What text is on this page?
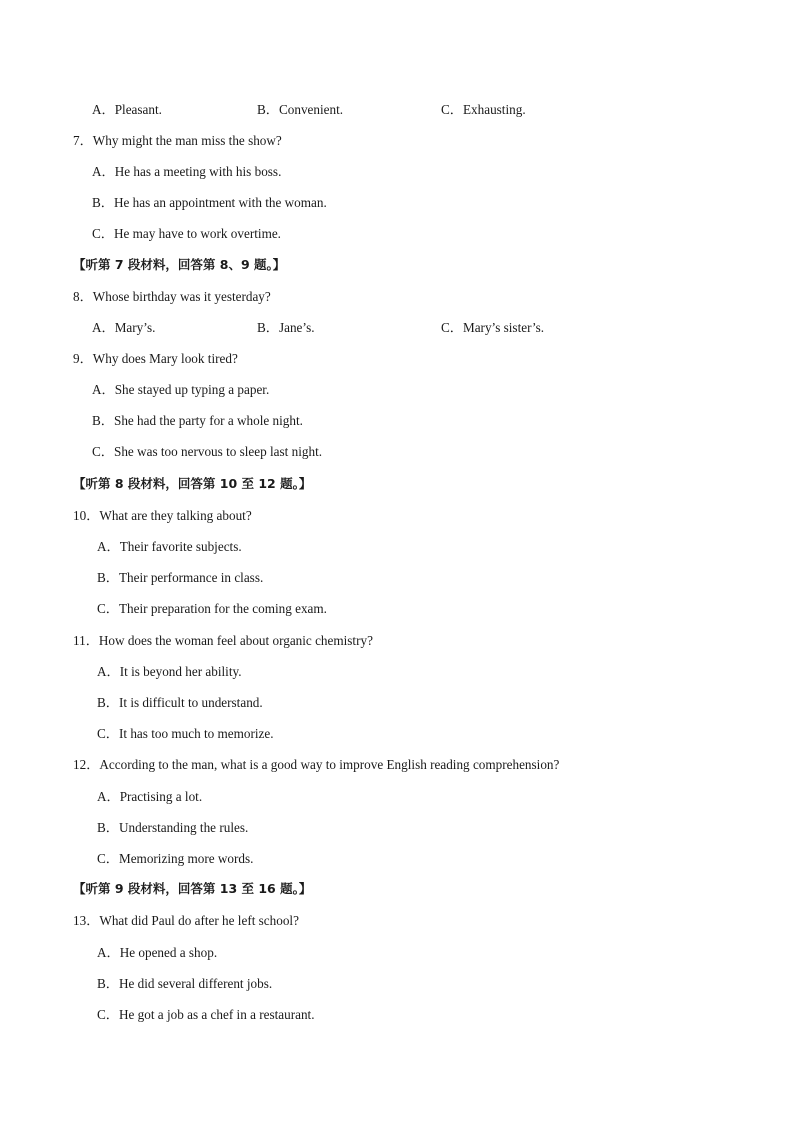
A．Pleasant.	B．Convenient.	C．Exhausting.
7．Why might the man miss the show?
A．He has a meeting with his boss.
B．He has an appointment with the woman.
C．He may have to work overtime.
【听第 7 段材料，回答第 8、9 题。】
8．Whose birthday was it yesterday?
A．Mary’s.	B．Jane’s.	C．Mary’s sister’s.
9．Why does Mary look tired?
A．She stayed up typing a paper.
B．She had the party for a whole night.
C．She was too nervous to sleep last night.
【听第 8 段材料，回答第 10 至 12 题。】
10．What are they talking about?
A．Their favorite subjects.
B．Their performance in class.
C．Their preparation for the coming exam.
11．How does the woman feel about organic chemistry?
A．It is beyond her ability.
B．It is difficult to understand.
C．It has too much to memorize.
12．According to the man, what is a good way to improve English reading comprehension?
A．Practising a lot.
B．Understanding the rules.
C．Memorizing more words.
【听第 9 段材料，回答第 13 至 16 题。】
13．What did Paul do after he left school?
A．He opened a shop.
B．He did several different jobs.
C．He got a job as a chef in a restaurant.
